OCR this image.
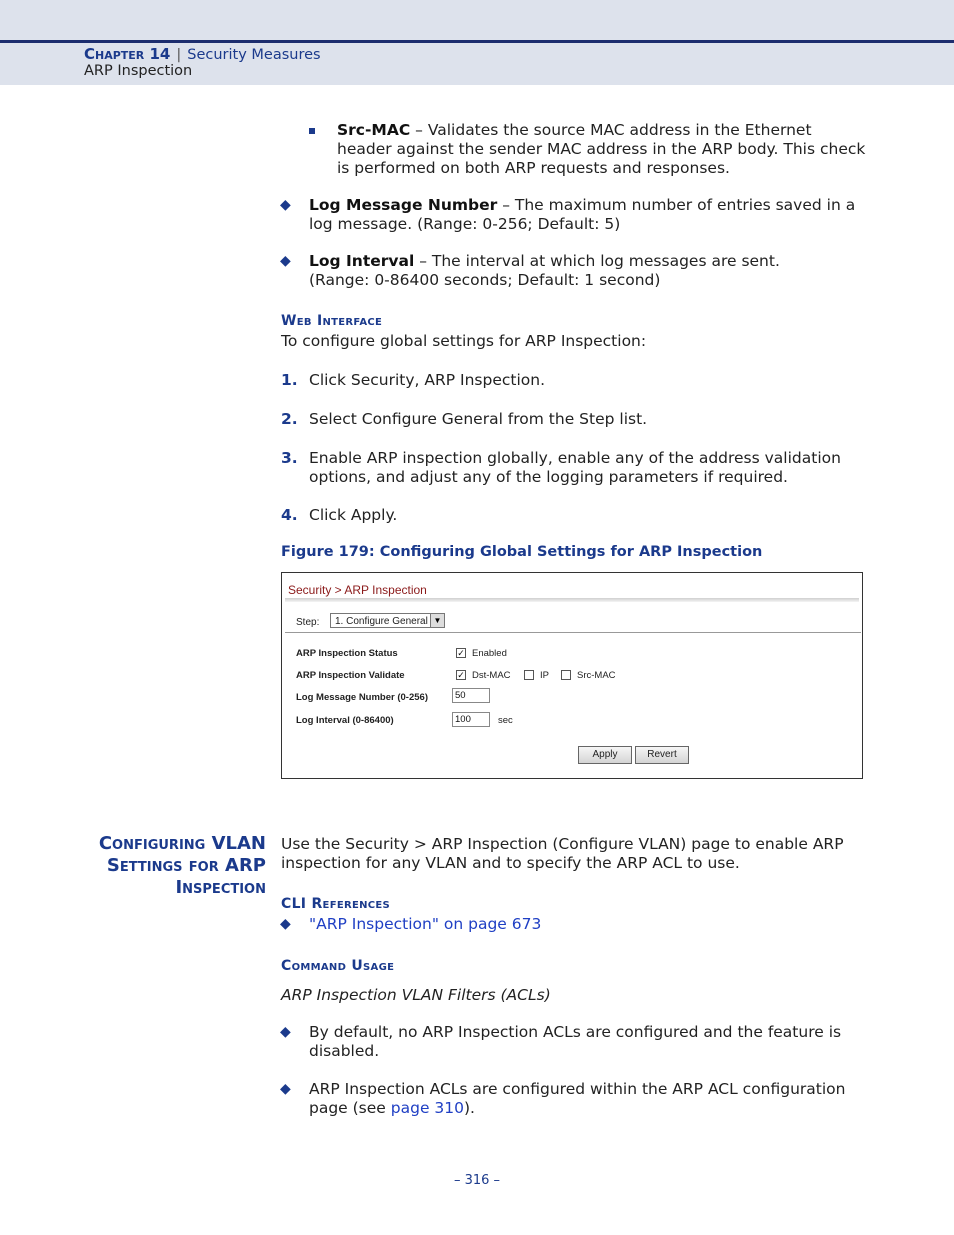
Chapter 14 | Security Measures
ARP Inspection
Src-MAC – Validates the source MAC address in the Ethernet
header against the sender MAC address in the ARP body. This check
is performed on both ARP requests and responses.
◆ Log Message Number – The maximum number of entries saved in a
log message. (Range: 0-256; Default: 5)
◆ Log Interval – The interval at which log messages are sent.
(Range: 0-86400 seconds; Default: 1 second)
Web Interface
To configure global settings for ARP Inspection:
1. Click Security, ARP Inspection.
2. Select Configure General from the Step list.
3. Enable ARP inspection globally, enable any of the address validation
options, and adjust any of the logging parameters if required.
4. Click Apply.
Figure 179: Configuring Global Settings for ARP Inspection
Security > ARP Inspection
Step:	1. Configure General ▼
ARP Inspection Status	✓ Enabled
ARP Inspection Validate	✓ Dst-MAC	IP	Src-MAC
Log Message Number (0-256)	50
Log Interval (0-86400)	100	sec
Apply	Revert
Configuring VLAN
Settings for ARP
Inspection
Use the Security > ARP Inspection (Configure VLAN) page to enable ARP
inspection for any VLAN and to specify the ARP ACL to use.
CLI References
◆ "ARP Inspection" on page 673
Command Usage
ARP Inspection VLAN Filters (ACLs)
◆ By default, no ARP Inspection ACLs are configured and the feature is
disabled.
◆ ARP Inspection ACLs are configured within the ARP ACL configuration
page (see page 310).
– 316 –
